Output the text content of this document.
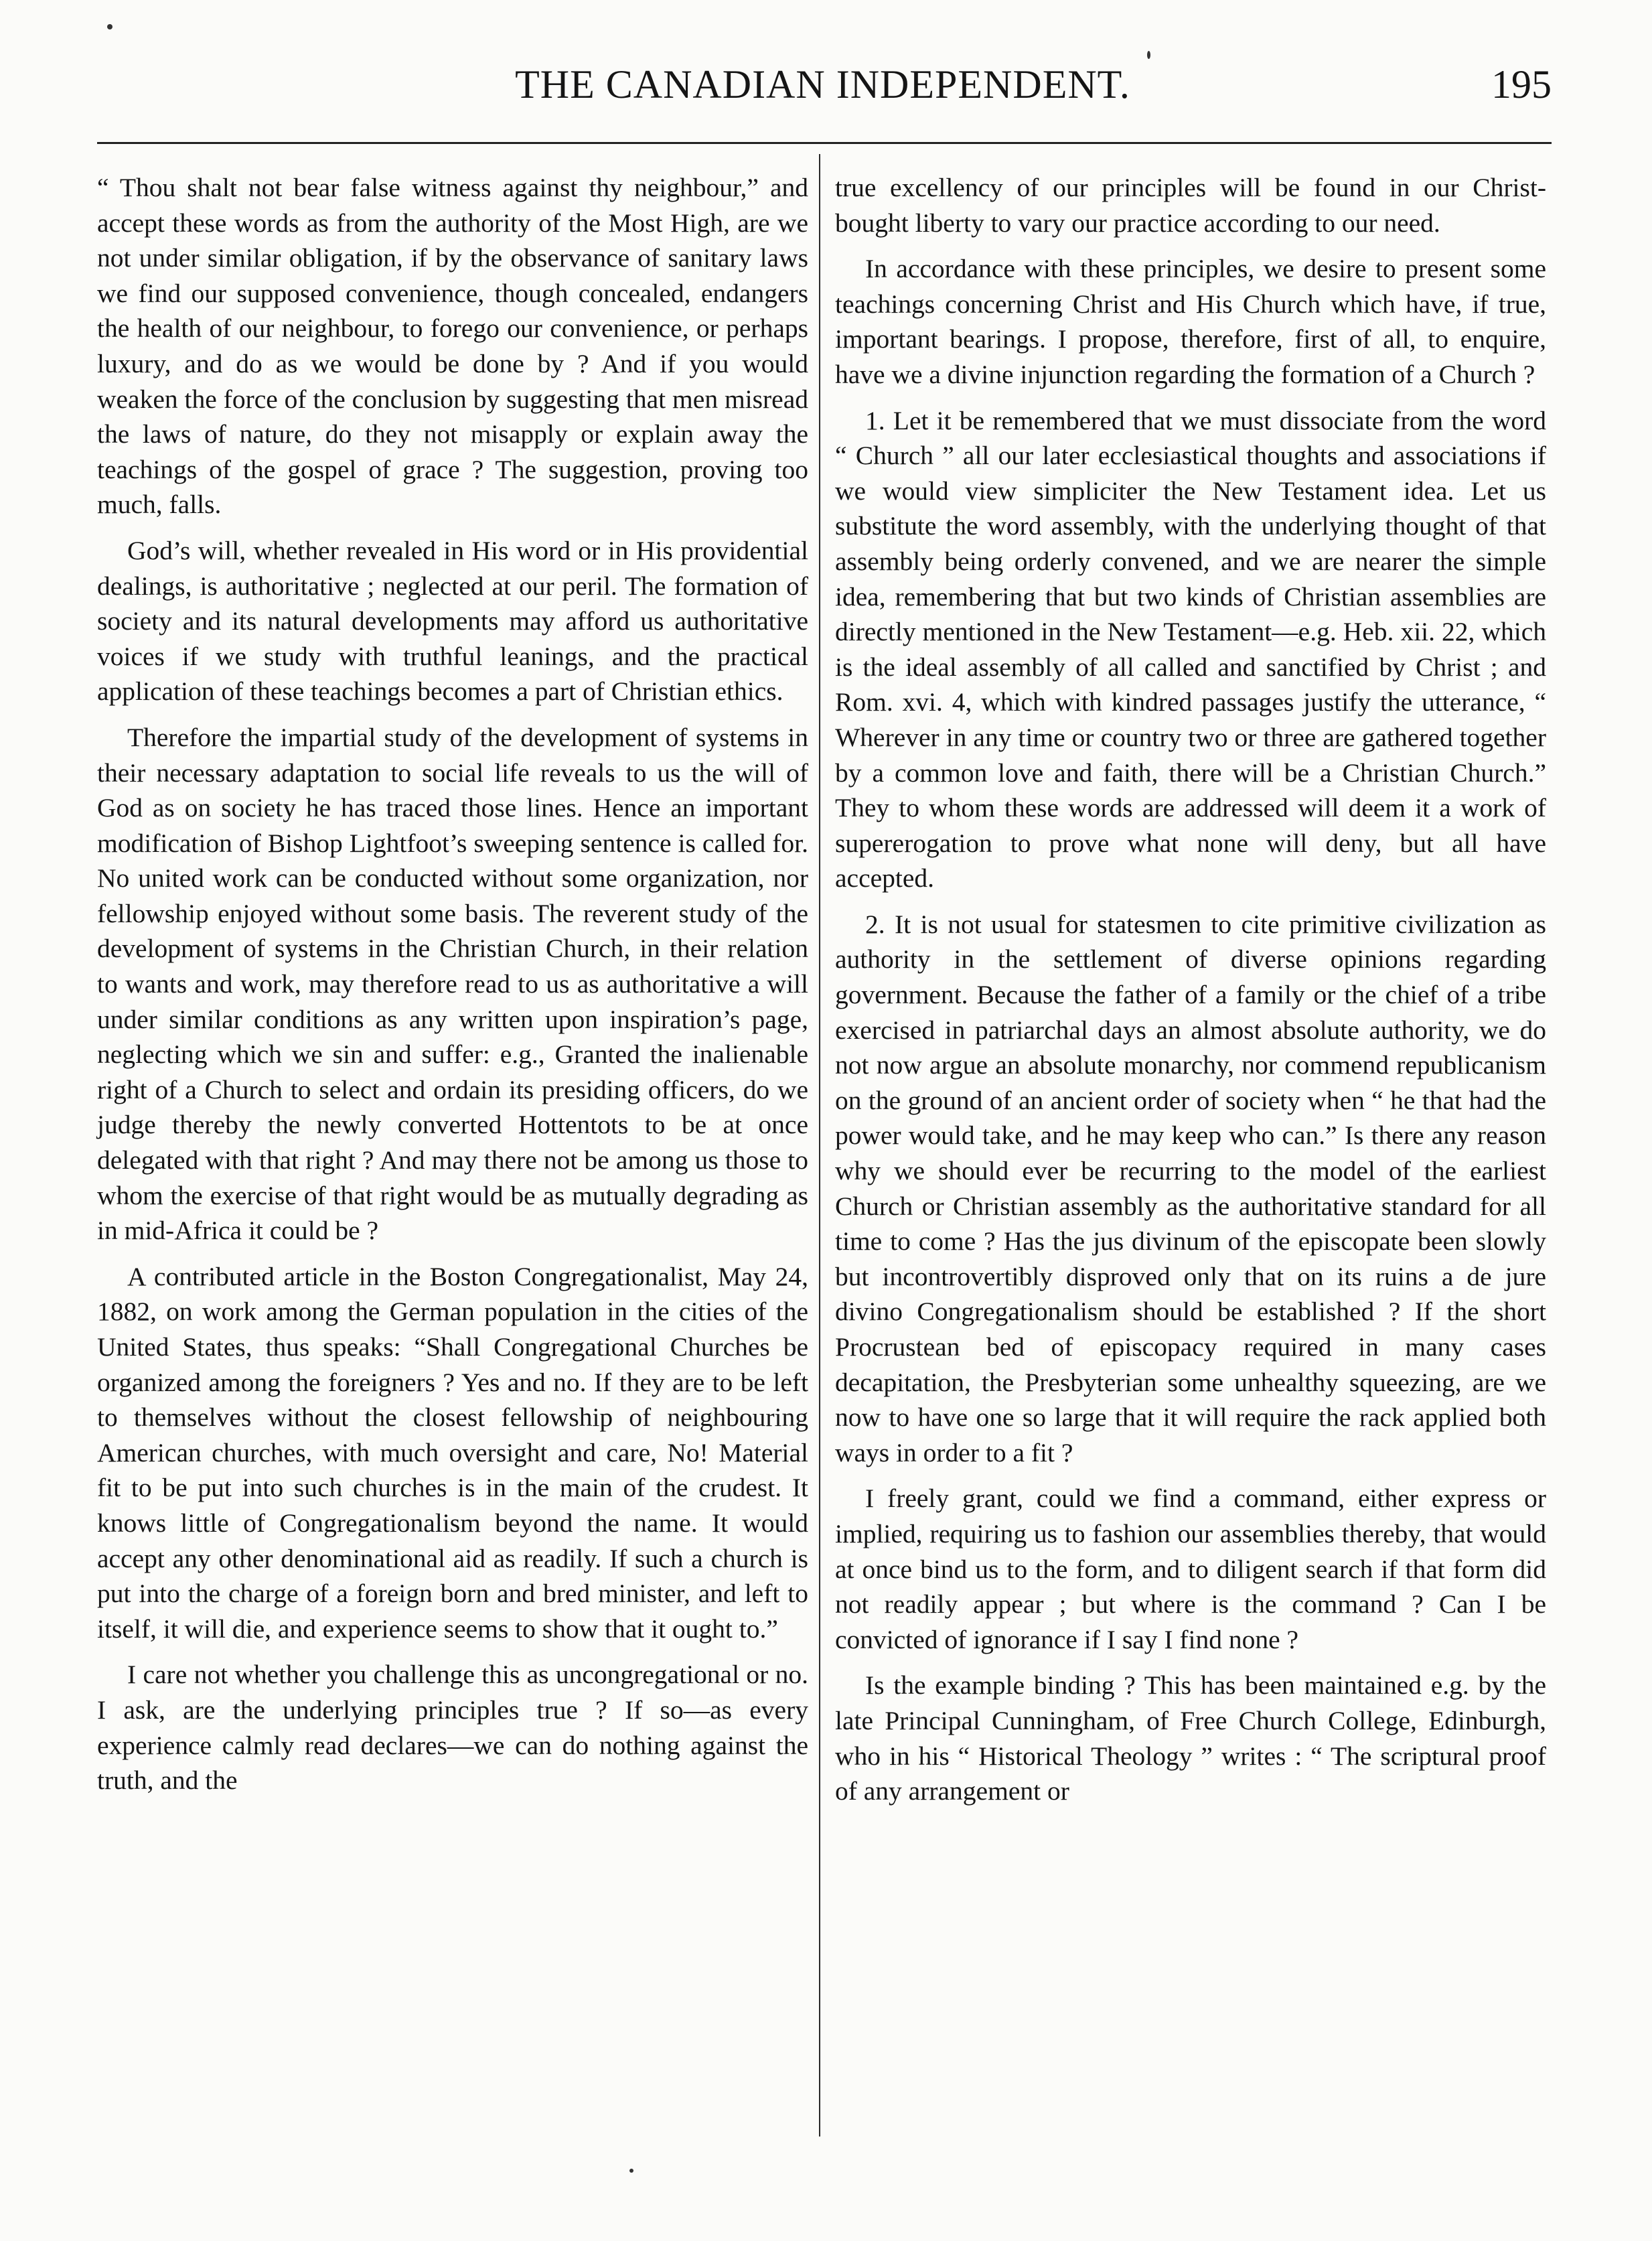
THE CANADIAN INDEPENDENT.	195

“ Thou shalt not bear false witness against thy neighbour,” and accept these words as from the authority of the Most High, are we not under similar obligation, if by the observance of sanitary laws we find our supposed convenience, though concealed, endangers the health of our neighbour, to forego our convenience, or perhaps luxury, and do as we would be done by ? And if you would weaken the force of the conclusion by suggesting that men misread the laws of nature, do they not misapply or explain away the teachings of the gospel of grace ? The suggestion, proving too much, falls.

God’s will, whether revealed in His word or in His providential dealings, is authoritative ; neglected at our peril. The formation of society and its natural developments may afford us authoritative voices if we study with truthful leanings, and the practical application of these teachings becomes a part of Christian ethics.

Therefore the impartial study of the development of systems in their necessary adaptation to social life reveals to us the will of God as on society he has traced those lines. Hence an important modification of Bishop Lightfoot’s sweeping sentence is called for. No united work can be conducted without some organization, nor fellowship enjoyed without some basis. The reverent study of the development of systems in the Christian Church, in their relation to wants and work, may therefore read to us as authoritative a will under similar conditions as any written upon inspiration’s page, neglecting which we sin and suffer: e.g., Granted the inalienable right of a Church to select and ordain its presiding officers, do we judge thereby the newly converted Hottentots to be at once delegated with that right ? And may there not be among us those to whom the exercise of that right would be as mutually degrading as in mid-Africa it could be ?

A contributed article in the Boston Congregationalist, May 24, 1882, on work among the German population in the cities of the United States, thus speaks: “Shall Congregational Churches be organized among the foreigners ? Yes and no. If they are to be left to themselves without the closest fellowship of neighbouring American churches, with much oversight and care, No! Material fit to be put into such churches is in the main of the crudest. It knows little of Congregationalism beyond the name. It would accept any other denominational aid as readily. If such a church is put into the charge of a foreign born and bred minister, and left to itself, it will die, and experience seems to show that it ought to.”

I care not whether you challenge this as uncongregational or no. I ask, are the underlying principles true ? If so—as every experience calmly read declares—we can do nothing against the truth, and the

true excellency of our principles will be found in our Christ-bought liberty to vary our practice according to our need.

In accordance with these principles, we desire to present some teachings concerning Christ and His Church which have, if true, important bearings. I propose, therefore, first of all, to enquire, have we a divine injunction regarding the formation of a Church ?

1. Let it be remembered that we must dissociate from the word “ Church ” all our later ecclesiastical thoughts and associations if we would view simpliciter the New Testament idea. Let us substitute the word assembly, with the underlying thought of that assembly being orderly convened, and we are nearer the simple idea, remembering that but two kinds of Christian assemblies are directly mentioned in the New Testament—e.g. Heb. xii. 22, which is the ideal assembly of all called and sanctified by Christ ; and Rom. xvi. 4, which with kindred passages justify the utterance, “ Wherever in any time or country two or three are gathered together by a common love and faith, there will be a Christian Church.” They to whom these words are addressed will deem it a work of supererogation to prove what none will deny, but all have accepted.

2. It is not usual for statesmen to cite primitive civilization as authority in the settlement of diverse opinions regarding government. Because the father of a family or the chief of a tribe exercised in patriarchal days an almost absolute authority, we do not now argue an absolute monarchy, nor commend republicanism on the ground of an ancient order of society when “ he that had the power would take, and he may keep who can.” Is there any reason why we should ever be recurring to the model of the earliest Church or Christian assembly as the authoritative standard for all time to come ? Has the jus divinum of the episcopate been slowly but incontrovertibly disproved only that on its ruins a de jure divino Congregationalism should be established ? If the short Procrustean bed of episcopacy required in many cases decapitation, the Presbyterian some unhealthy squeezing, are we now to have one so large that it will require the rack applied both ways in order to a fit ?

I freely grant, could we find a command, either express or implied, requiring us to fashion our assemblies thereby, that would at once bind us to the form, and to diligent search if that form did not readily appear ; but where is the command ? Can I be convicted of ignorance if I say I find none ?

Is the example binding ? This has been maintained e.g. by the late Principal Cunningham, of Free Church College, Edinburgh, who in his “ Historical Theology ” writes : “ The scriptural proof of any arrangement or
